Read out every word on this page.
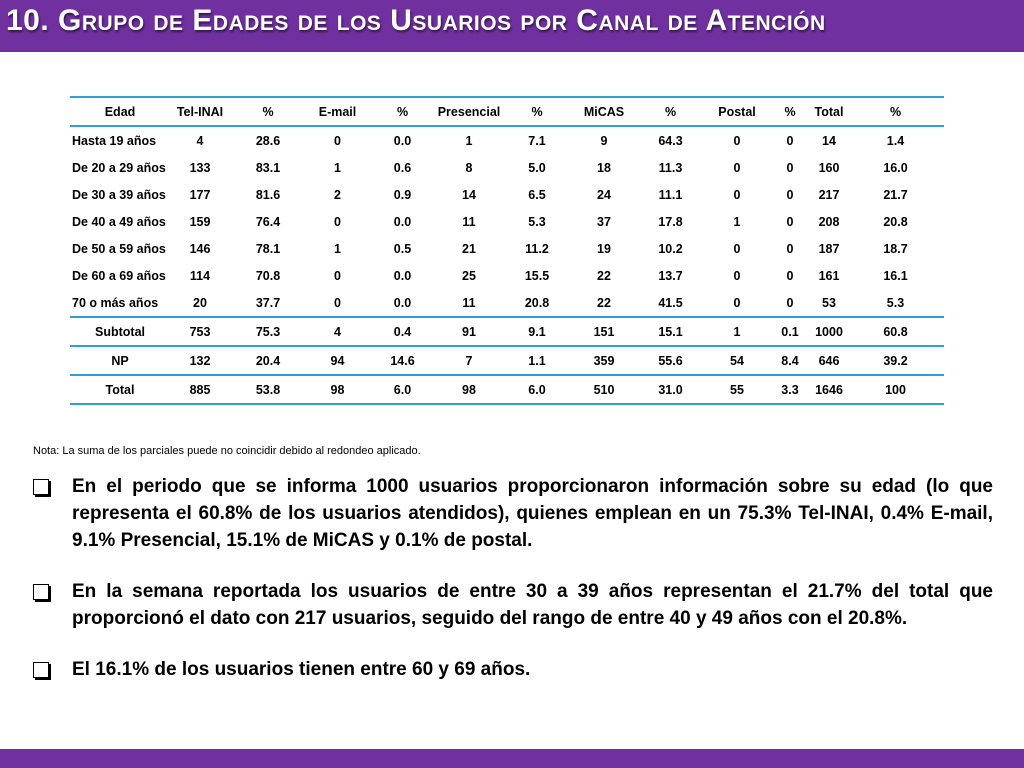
10. Grupo de Edades de los Usuarios por Canal de Atención
Edad	Tel-INAI	%	E-mail	%	Presencial	%	MiCAS	%	Postal	%	Total	%
Hasta 19 años	4	28.6	0	0.0	1	7.1	9	64.3	0	0	14	1.4
De 20 a 29 años	133	83.1	1	0.6	8	5.0	18	11.3	0	0	160	16.0
De 30 a 39 años	177	81.6	2	0.9	14	6.5	24	11.1	0	0	217	21.7
De 40 a 49 años	159	76.4	0	0.0	11	5.3	37	17.8	1	0	208	20.8
De 50 a 59 años	146	78.1	1	0.5	21	11.2	19	10.2	0	0	187	18.7
De 60 a 69 años	114	70.8	0	0.0	25	15.5	22	13.7	0	0	161	16.1
70 o más años	20	37.7	0	0.0	11	20.8	22	41.5	0	0	53	5.3
Subtotal	753	75.3	4	0.4	91	9.1	151	15.1	1	0.1	1000	60.8
NP	132	20.4	94	14.6	7	1.1	359	55.6	54	8.4	646	39.2
Total	885	53.8	98	6.0	98	6.0	510	31.0	55	3.3	1646	100
Nota: La suma de los parciales puede no coincidir debido al redondeo aplicado.
En el periodo que se informa 1000 usuarios proporcionaron información sobre su edad (lo que representa el 60.8% de los usuarios atendidos), quienes emplean en un 75.3% Tel-INAI, 0.4% E-mail, 9.1% Presencial, 15.1% de MiCAS y 0.1% de postal.
En la semana reportada los usuarios de entre 30 a 39 años representan el 21.7% del total que proporcionó el dato con 217 usuarios, seguido del rango de entre 40 y 49 años con el 20.8%.
El 16.1% de los usuarios tienen entre 60 y 69 años.
